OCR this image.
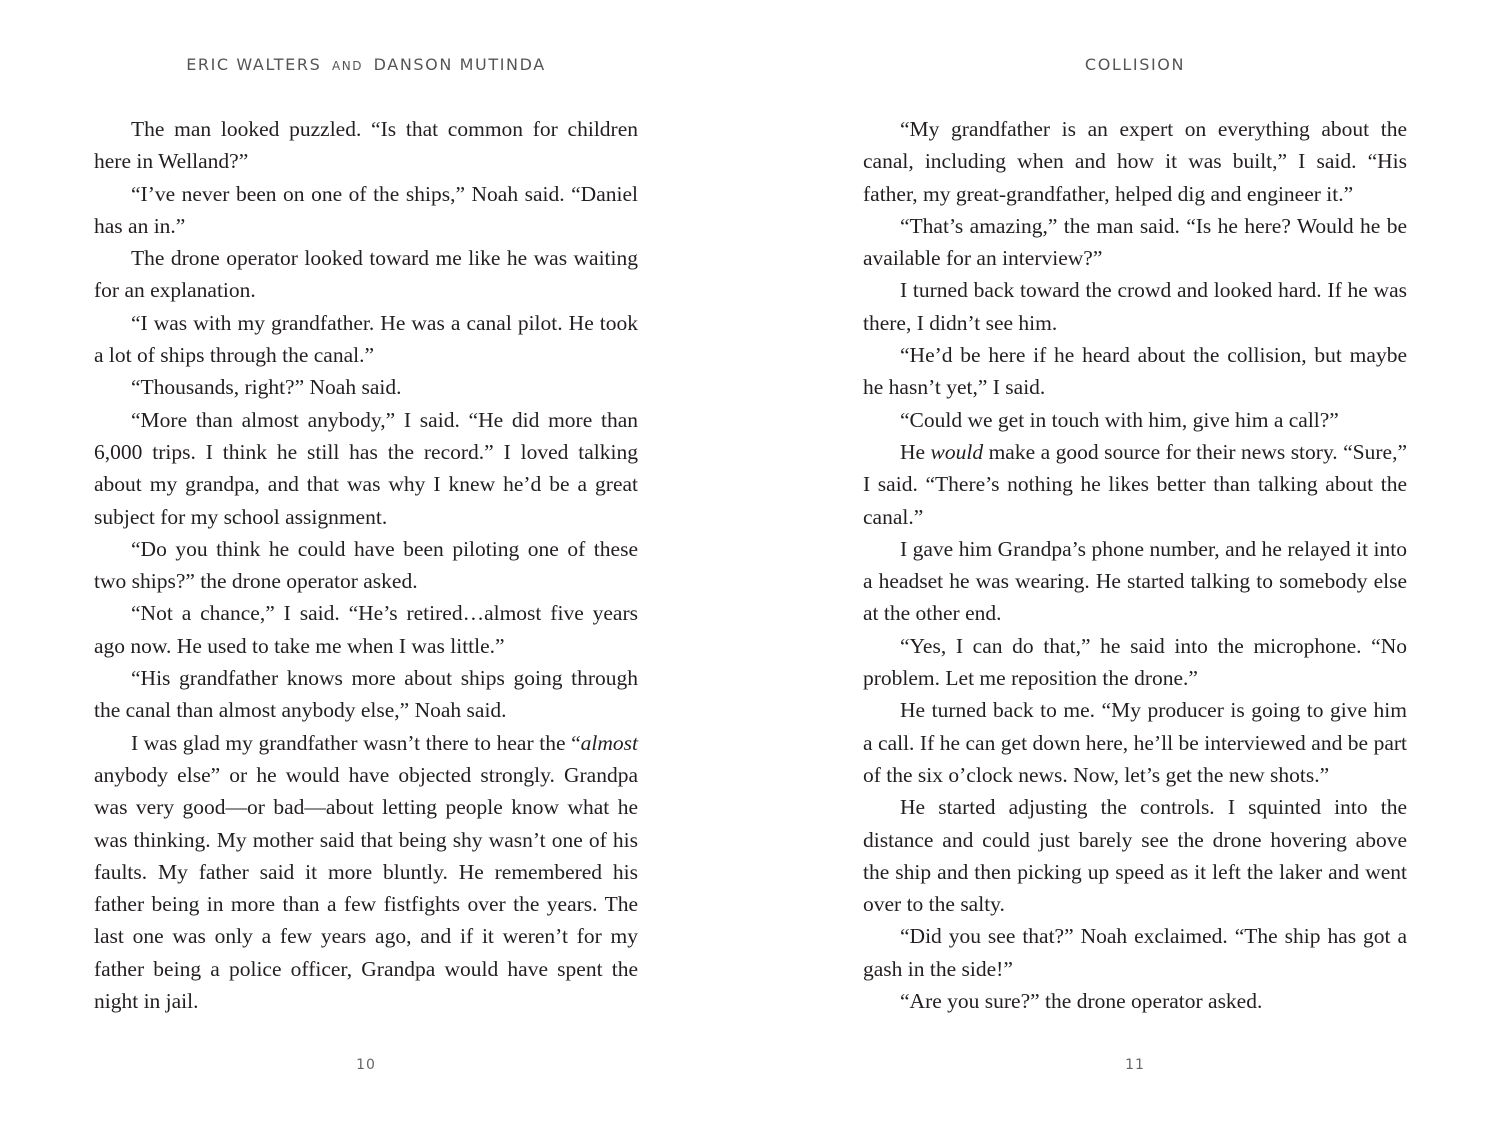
ERIC WALTERS AND DANSON MUTINDA

The man looked puzzled. “Is that common for children here in Welland?”

“I’ve never been on one of the ships,” Noah said. “Daniel has an in.”

The drone operator looked toward me like he was waiting for an explanation.

“I was with my grandfather. He was a canal pilot. He took a lot of ships through the canal.”

“Thousands, right?” Noah said.

“More than almost anybody,” I said. “He did more than 6,000 trips. I think he still has the record.” I loved talking about my grandpa, and that was why I knew he’d be a great subject for my school assignment.

“Do you think he could have been piloting one of these two ships?” the drone operator asked.

“Not a chance,” I said. “He’s retired…almost five years ago now. He used to take me when I was little.”

“His grandfather knows more about ships going through the canal than almost anybody else,” Noah said.

I was glad my grandfather wasn’t there to hear the “almost anybody else” or he would have objected strongly. Grandpa was very good—or bad—about letting people know what he was thinking. My mother said that being shy wasn’t one of his faults. My father said it more bluntly. He remembered his father being in more than a few fistfights over the years. The last one was only a few years ago, and if it weren’t for my father being a police officer, Grandpa would have spent the night in jail.

10
COLLISION

“My grandfather is an expert on everything about the canal, including when and how it was built,” I said. “His father, my great-grandfather, helped dig and engineer it.”

“That’s amazing,” the man said. “Is he here? Would he be available for an interview?”

I turned back toward the crowd and looked hard. If he was there, I didn’t see him.

“He’d be here if he heard about the collision, but maybe he hasn’t yet,” I said.

“Could we get in touch with him, give him a call?”

He would make a good source for their news story. “Sure,” I said. “There’s nothing he likes better than talking about the canal.”

I gave him Grandpa’s phone number, and he relayed it into a headset he was wearing. He started talking to somebody else at the other end.

“Yes, I can do that,” he said into the microphone. “No problem. Let me reposition the drone.”

He turned back to me. “My producer is going to give him a call. If he can get down here, he’ll be interviewed and be part of the six o’clock news. Now, let’s get the new shots.”

He started adjusting the controls. I squinted into the distance and could just barely see the drone hovering above the ship and then picking up speed as it left the laker and went over to the salty.

“Did you see that?” Noah exclaimed. “The ship has got a gash in the side!”

“Are you sure?” the drone operator asked.

11
